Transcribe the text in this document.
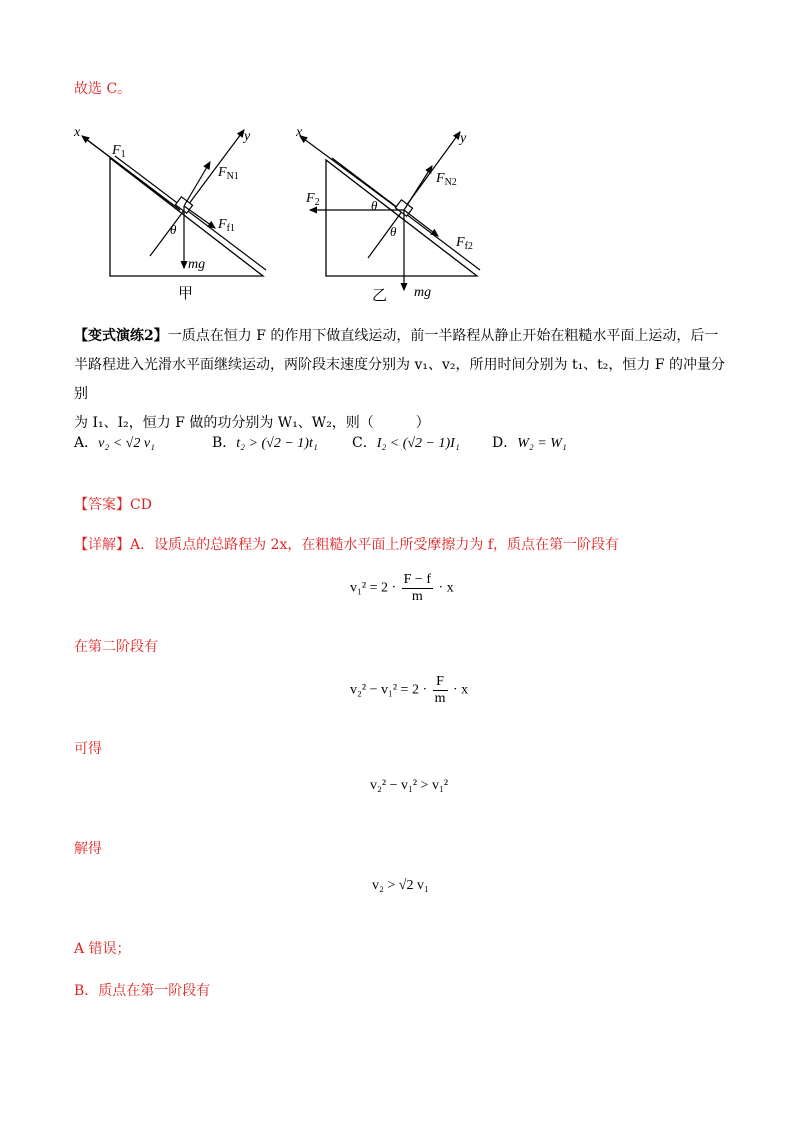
故选 C。
x	y
$F_1$
$F_{N1}$
$F_{f1}$
θ
mg
甲
x	y
$F_2$
$F_{N2}$
$F_{f2}$
θ
θ
mg
乙
【变式演练2】一质点在恒力 F 的作用下做直线运动，前一半路程从静止开始在粗糙水平面上运动，后一
半路程进入光滑水平面继续运动，两阶段末速度分别为 v₁、v₂，所用时间分别为 t₁、t₂，恒力 F 的冲量分别
为 I₁、I₂，恒力 F 做的功分别为 W₁、W₂，则（　　　）
A．v₂ < √2 v₁	B．t₂ > (√2 − 1)t₁ C．I₂ < (√2 − 1)I₁ D．W₂ = W₁
【答案】CD
【详解】A．设质点的总路程为 2x，在粗糙水平面上所受摩擦力为 f，质点在第一阶段有
$v_1^2 = 2 \cdot \frac{F - f}{m} \cdot x$
在第二阶段有
$v_2^2 - v_1^2 = 2 \cdot \frac{F}{m} \cdot x$
可得
v₂² − v₁² > v₁²
解得
v₂ > √2 v₁
A 错误；
B．质点在第一阶段有
